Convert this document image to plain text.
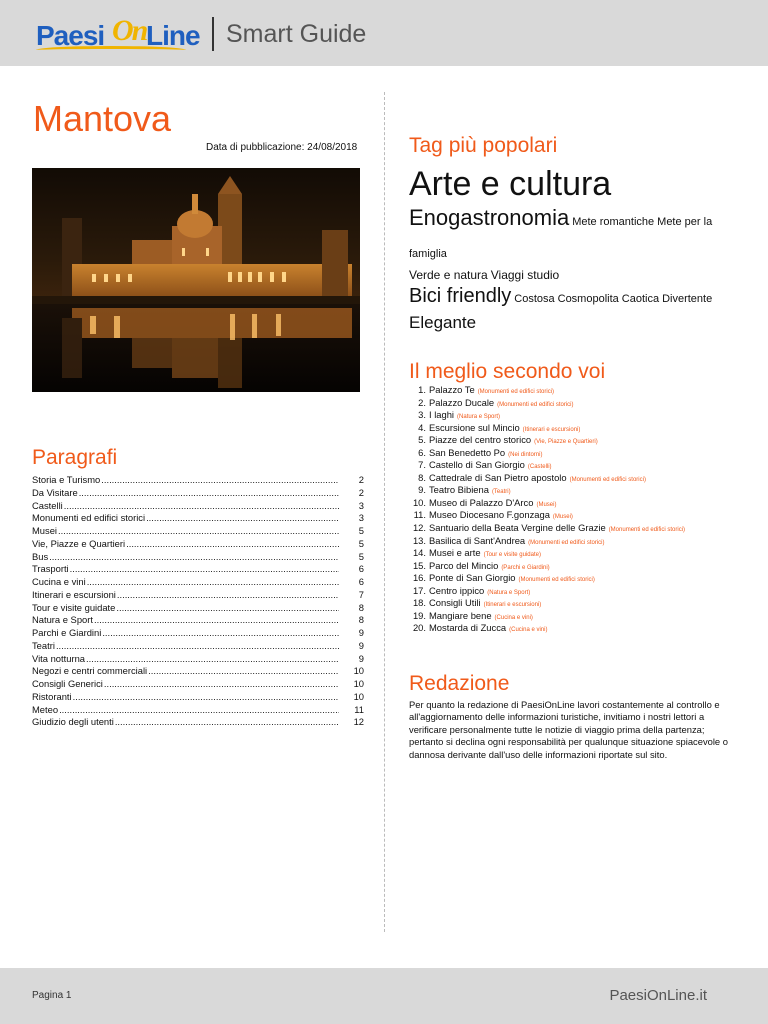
Paesi On Line Smart Guide
Mantova
Data di pubblicazione: 24/08/2018
Paragrafi
Storia e Turismo .....	2
Da Visitare .....	2
Castelli .....	3
Monumenti ed edifici storici .....	3
Musei .....	5
Vie, Piazze e Quartieri .....	5
Bus .....	5
Trasporti .....	6
Cucina e vini .....	6
Itinerari e escursioni .....	7
Tour e visite guidate .....	8
Natura e Sport .....	8
Parchi e Giardini .....	9
Teatri .....	9
Vita notturna .....	9
Negozi e centri commerciali .....	10
Consigli Generici .....	10
Ristoranti .....	10
Meteo .....	11
Giudizio degli utenti .....	12
Tag più popolari
Arte e cultura
Enogastronomia Mete romantiche Mete per la famiglia
Verde e natura Viaggi studio
Bici friendly Costosa Cosmopolita Caotica Divertente
Elegante
Il meglio secondo voi
1. Palazzo Te (Monumenti ed edifici storici)
2. Palazzo Ducale (Monumenti ed edifici storici)
3. I laghi (Natura e Sport)
4. Escursione sul Mincio (Itinerari e escursioni)
5. Piazze del centro storico (Vie, Piazze e Quartieri)
6. San Benedetto Po (Nei dintorni)
7. Castello di San Giorgio (Castelli)
8. Cattedrale di San Pietro apostolo (Monumenti ed edifici storici)
9. Teatro Bibiena (Teatri)
10. Museo di Palazzo D'Arco (Musei)
11. Museo Diocesano F.gonzaga (Musei)
12. Santuario della Beata Vergine delle Grazie (Monumenti ed edifici storici)
13. Basilica di Sant'Andrea (Monumenti ed edifici storici)
14. Musei e arte (Tour e visite guidate)
15. Parco del Mincio (Parchi e Giardini)
16. Ponte di San Giorgio (Monumenti ed edifici storici)
17. Centro ippico (Natura e Sport)
18. Consigli Utili (Itinerari e escursioni)
19. Mangiare bene (Cucina e vini)
20. Mostarda di Zucca (Cucina e vini)
Redazione
Per quanto la redazione di PaesiOnLine lavori costantemente al controllo e all'aggiornamento delle informazioni turistiche, invitiamo i nostri lettori a verificare personalmente tutte le notizie di viaggio prima della partenza; pertanto si declina ogni responsabilità per qualunque situazione spiacevole o dannosa derivante dall'uso delle informazioni riportate sul sito.
Pagina 1	PaesiOnLine.it
